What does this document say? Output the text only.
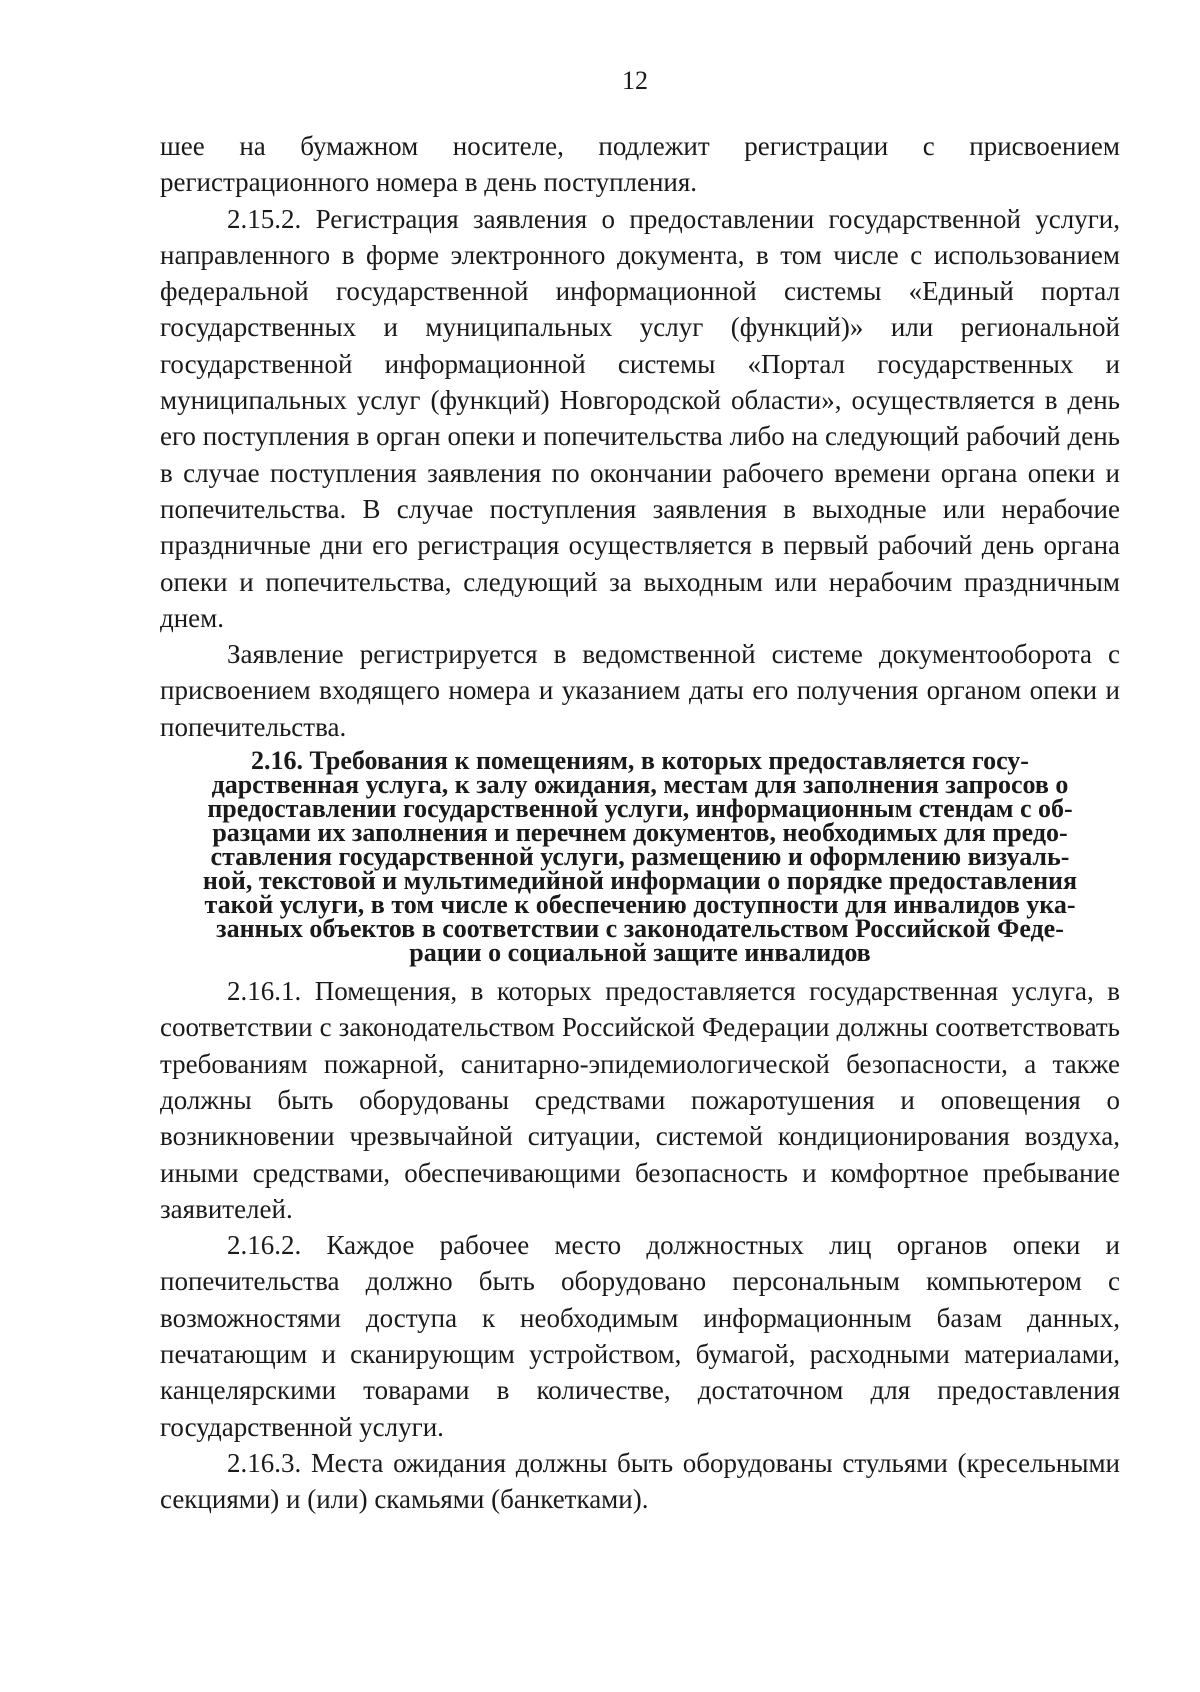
12

шее на бумажном носителе, подлежит регистрации с присвоением регистрационного номера в день поступления.

2.15.2. Регистрация заявления о предоставлении государственной услуги, направленного в форме электронного документа, в том числе с использованием федеральной государственной информационной системы «Единый портал государственных и муниципальных услуг (функций)» или региональной государственной информационной системы «Портал государственных и муниципальных услуг (функций) Новгородской области», осуществляется в день его поступления в орган опеки и попечительства либо на следующий рабочий день в случае поступления заявления по окончании рабочего времени органа опеки и попечительства. В случае поступления заявления в выходные или нерабочие праздничные дни его регистрация осуществляется в первый рабочий день органа опеки и попечительства, следующий за выходным или нерабочим праздничным днем.

Заявление регистрируется в ведомственной системе документооборота с присвоением входящего номера и указанием даты его получения органом опеки и попечительства.

2.16. Требования к помещениям, в которых предоставляется госу-
дарственная услуга, к залу ожидания, местам для заполнения запросов о
предоставлении государственной услуги, информационным стендам с об-
разцами их заполнения и перечнем документов, необходимых для предо-
ставления государственной услуги, размещению и оформлению визуаль-
ной, текстовой и мультимедийной информации о порядке предоставления
такой услуги, в том числе к обеспечению доступности для инвалидов ука-
занных объектов в соответствии с законодательством Российской Феде-
рации о социальной защите инвалидов

2.16.1. Помещения, в которых предоставляется государственная услуга, в соответствии с законодательством Российской Федерации должны соответствовать требованиям пожарной, санитарно-эпидемиологической безопасности, а также должны быть оборудованы средствами пожаротушения и оповещения о возникновении чрезвычайной ситуации, системой кондиционирования воздуха, иными средствами, обеспечивающими безопасность и комфортное пребывание заявителей.

2.16.2. Каждое рабочее место должностных лиц органов опеки и попечительства должно быть оборудовано персональным компьютером с возможностями доступа к необходимым информационным базам данных, печатающим и сканирующим устройством, бумагой, расходными материалами, канцелярскими товарами в количестве, достаточном для предоставления государственной услуги.

2.16.3. Места ожидания должны быть оборудованы стульями (кресельными секциями) и (или) скамьями (банкетками).
